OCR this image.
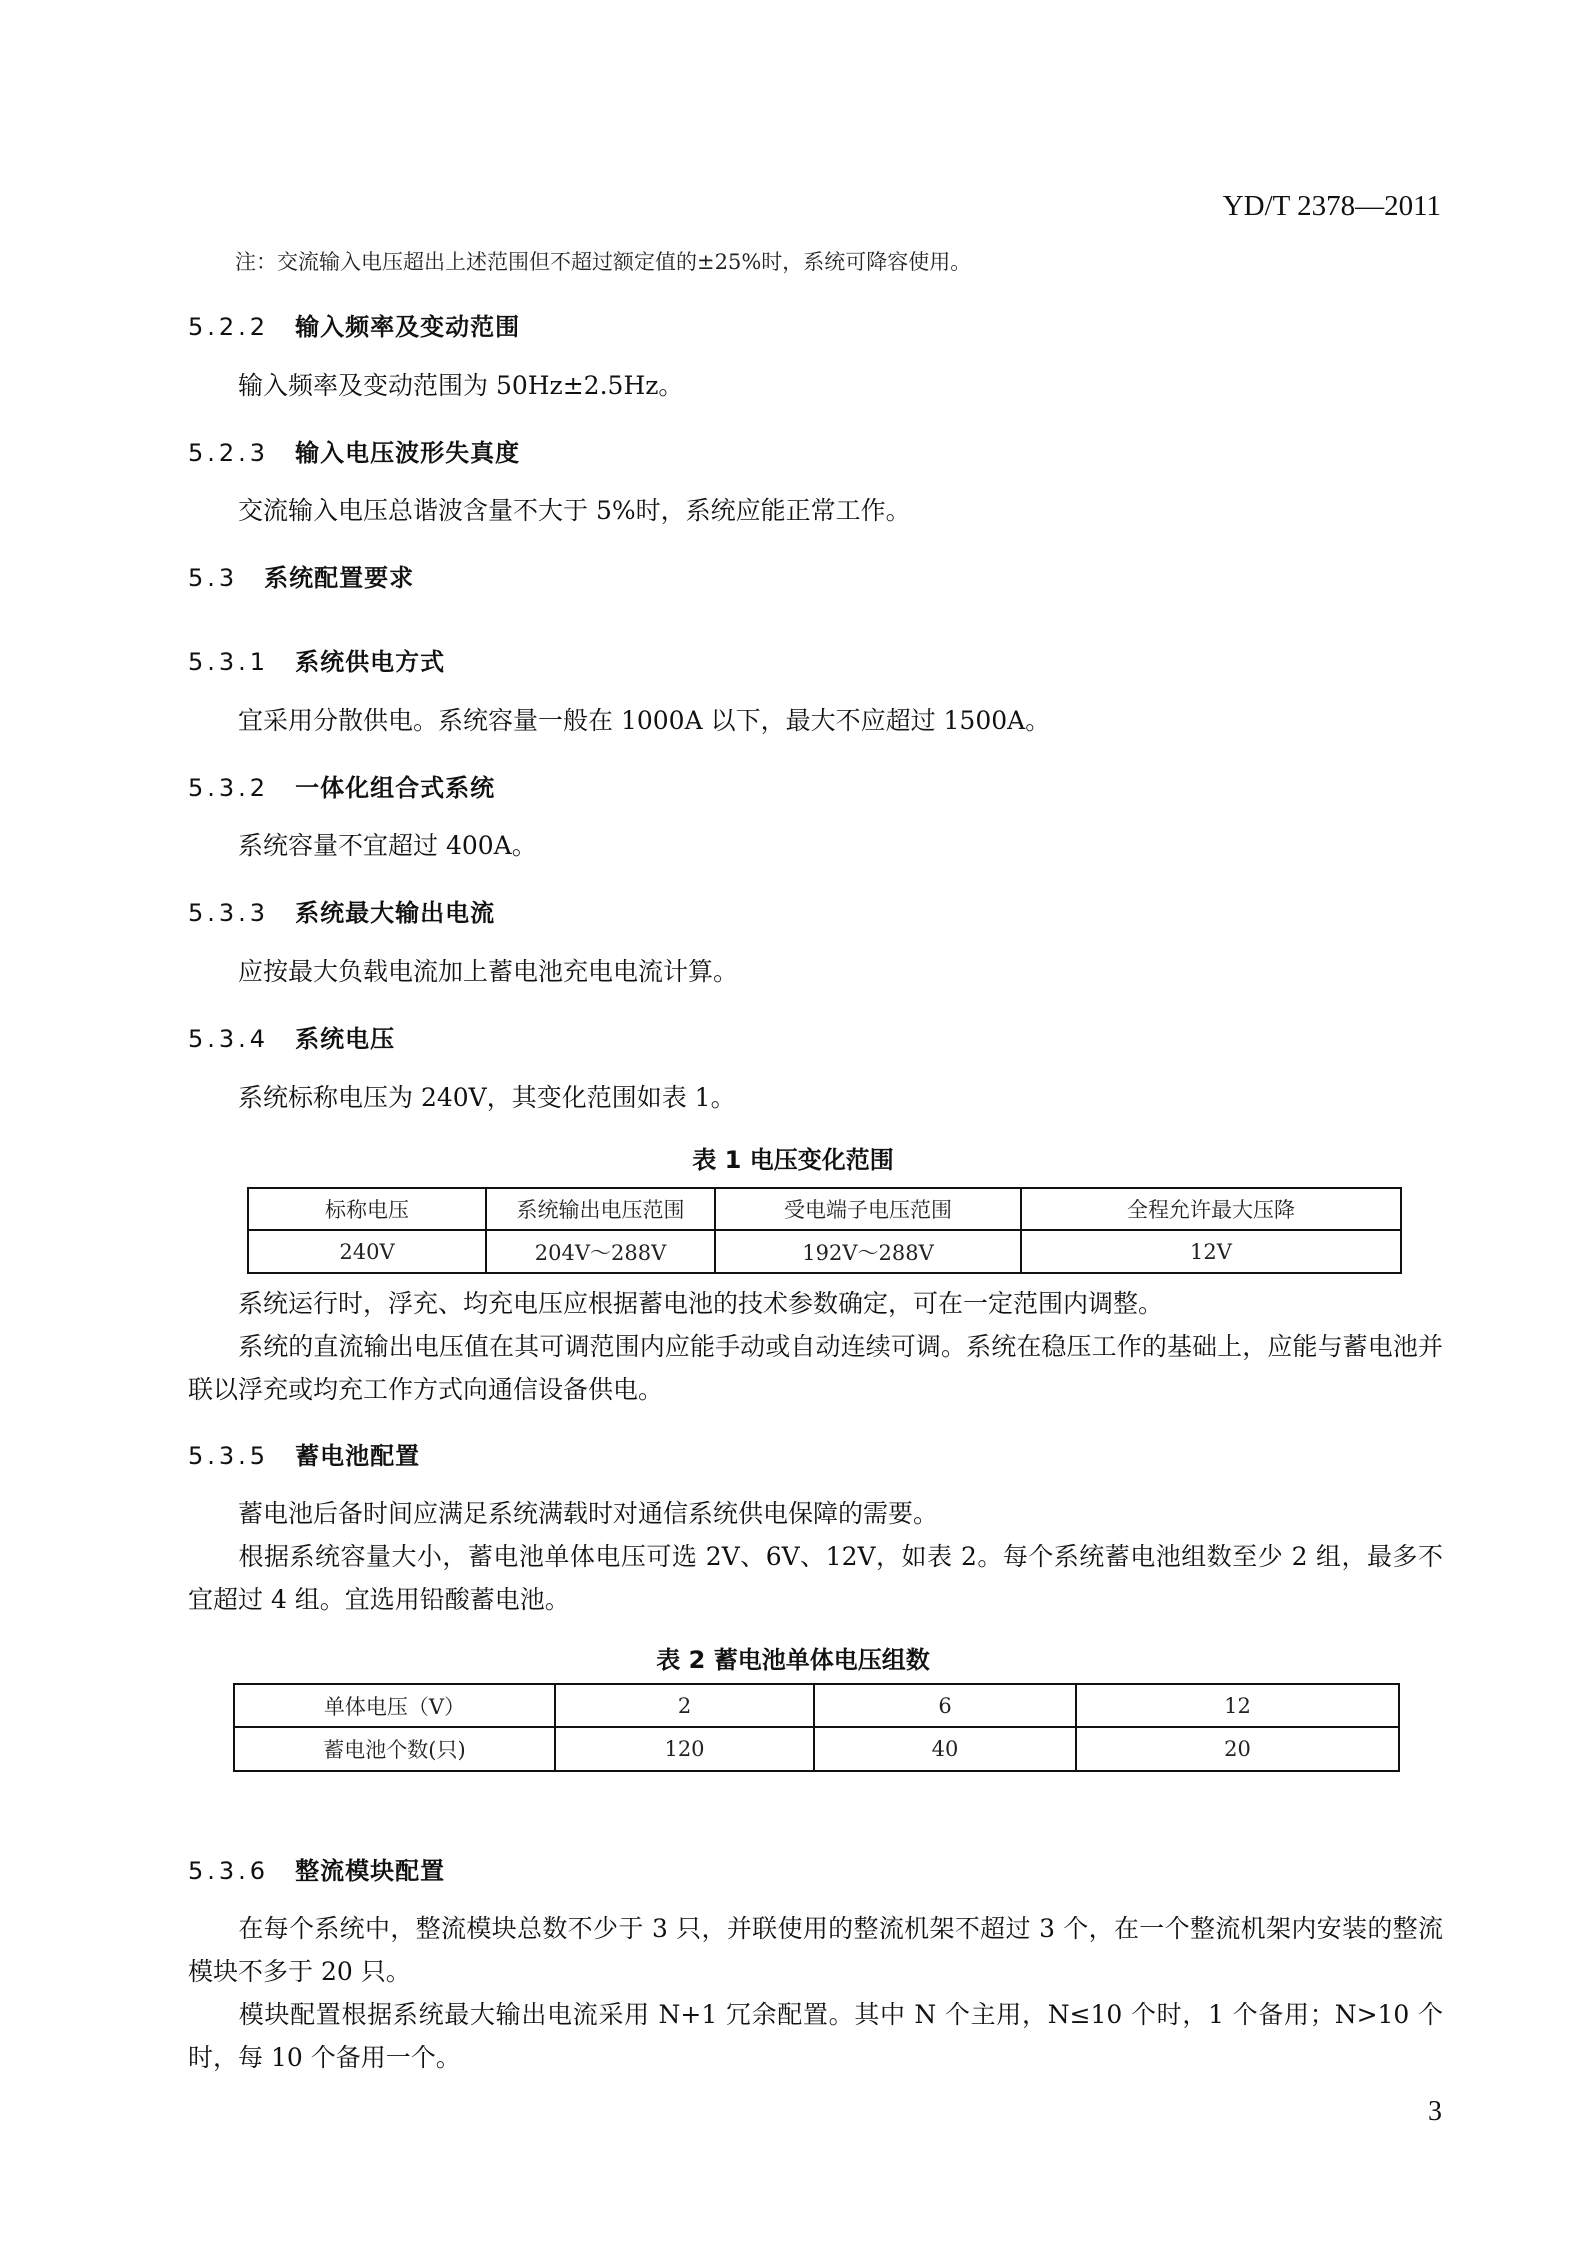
YD/T 2378—2011
注：交流输入电压超出上述范围但不超过额定值的±25%时，系统可降容使用。
5.2.2 输入频率及变动范围
输入频率及变动范围为 50Hz±2.5Hz。
5.2.3 输入电压波形失真度
交流输入电压总谐波含量不大于 5%时，系统应能正常工作。
5.3 系统配置要求
5.3.1 系统供电方式
宜采用分散供电。系统容量一般在 1000A 以下，最大不应超过 1500A。
5.3.2 一体化组合式系统
系统容量不宜超过 400A。
5.3.3 系统最大输出电流
应按最大负载电流加上蓄电池充电电流计算。
5.3.4 系统电压
系统标称电压为 240V，其变化范围如表 1。
表 1 电压变化范围
标称电压	系统输出电压范围	受电端子电压范围	全程允许最大压降
240V	204V～288V	192V～288V	12V
系统运行时，浮充、均充电压应根据蓄电池的技术参数确定，可在一定范围内调整。
系统的直流输出电压值在其可调范围内应能手动或自动连续可调。系统在稳压工作的基础上，应能与蓄电池并联以浮充或均充工作方式向通信设备供电。
5.3.5 蓄电池配置
蓄电池后备时间应满足系统满载时对通信系统供电保障的需要。
根据系统容量大小，蓄电池单体电压可选 2V、6V、12V，如表 2。每个系统蓄电池组数至少 2 组，最多不宜超过 4 组。宜选用铅酸蓄电池。
表 2 蓄电池单体电压组数
单体电压（V）	2	6	12
蓄电池个数(只)	120	40	20
5.3.6 整流模块配置
在每个系统中，整流模块总数不少于 3 只，并联使用的整流机架不超过 3 个，在一个整流机架内安装的整流模块不多于 20 只。
模块配置根据系统最大输出电流采用 N+1 冗余配置。其中 N 个主用，N≤10 个时，1 个备用；N>10 个时，每 10 个备用一个。
3
